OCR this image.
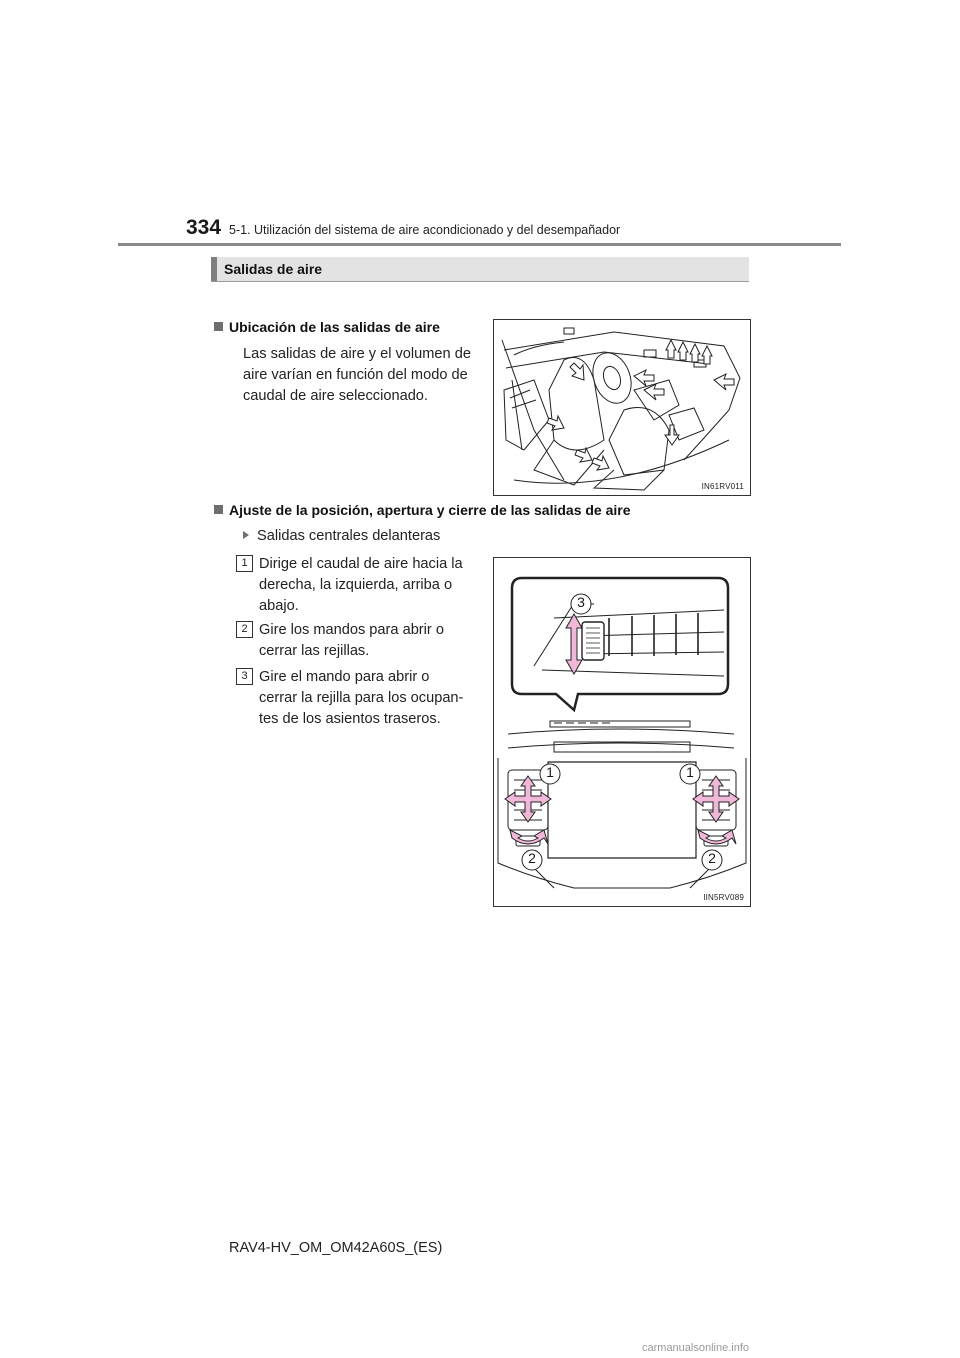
334 5-1. Utilización del sistema de aire acondicionado y del desempañador
Salidas de aire
Ubicación de las salidas de aire
Las salidas de aire y el volumen de
aire varían en función del modo de
caudal de aire seleccionado.
IN61RV011
Ajuste de la posición, apertura y cierre de las salidas de aire
Salidas centrales delanteras
1 Dirige el caudal de aire hacia la
derecha, la izquierda, arriba o
abajo.
2 Gire los mandos para abrir o
cerrar las rejillas.
3 Gire el mando para abrir o
cerrar la rejilla para los ocupan-
tes de los asientos traseros.
3
1	1
2	2
IIN5RV089
RAV4-HV_OM_OM42A60S_(ES)
carmanualsonline.info
